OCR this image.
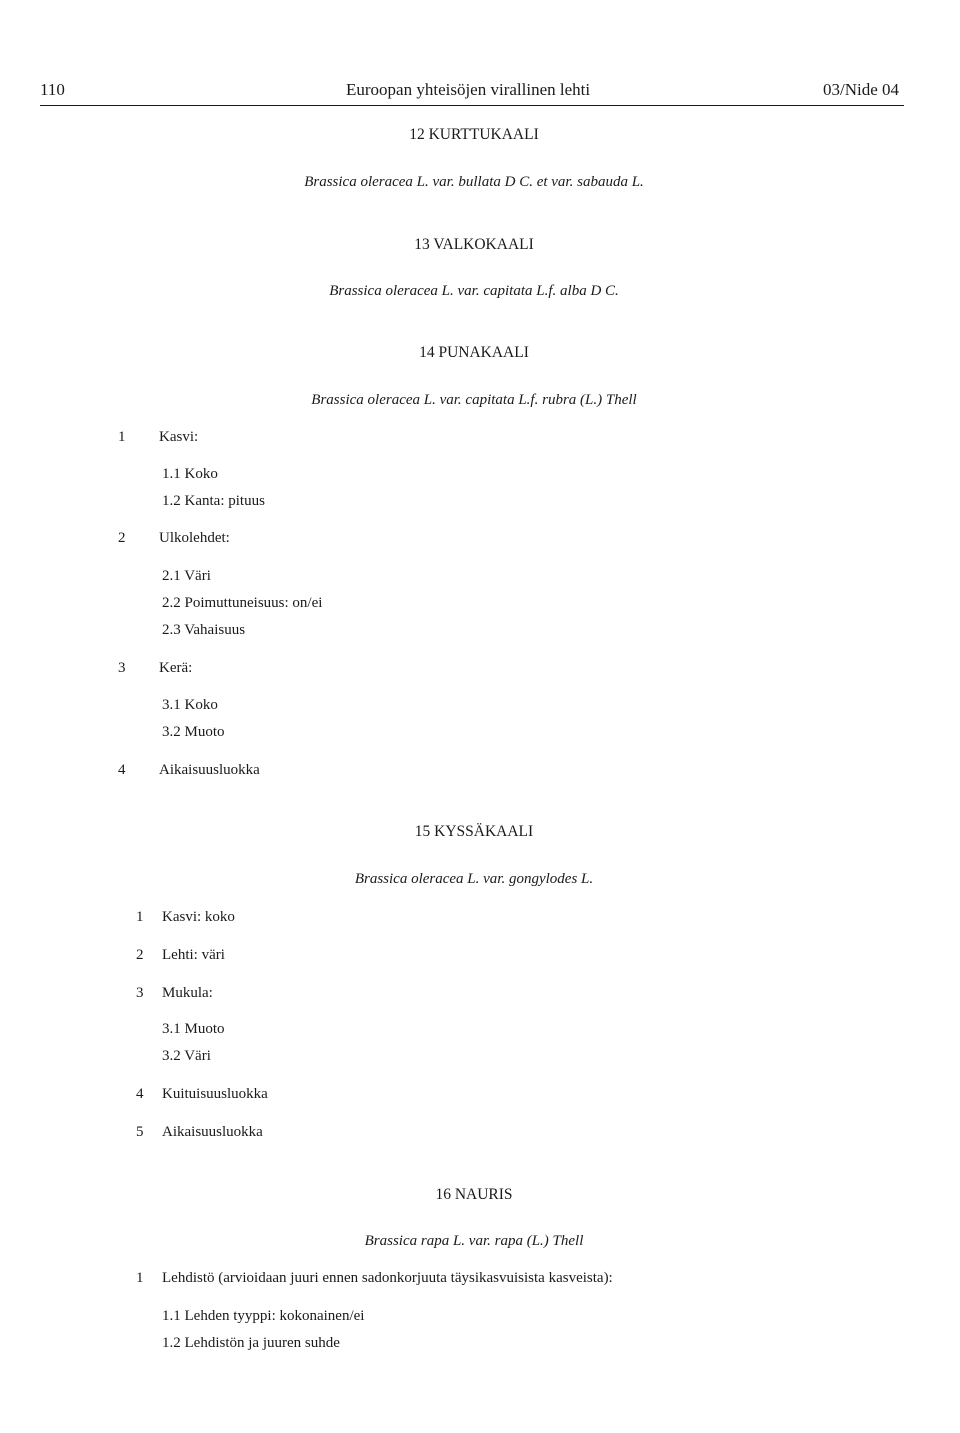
110	Euroopan yhteisöjen virallinen lehti	03/Nide 04
12 KURTTUKAALI
Brassica oleracea L. var. bullata D C. et var. sabauda L.
13 VALKOKAALI
Brassica oleracea L. var. capitata L.f. alba D C.
14 PUNAKAALI
Brassica oleracea L. var. capitata L.f. rubra (L.) Thell
1 Kasvi:
1.1 Koko
1.2 Kanta: pituus
2 Ulkolehdet:
2.1 Väri
2.2 Poimuttuneisuus: on/ei
2.3 Vahaisuus
3 Kerä:
3.1 Koko
3.2 Muoto
4 Aikaisuusluokka
15 KYSSÄKAALI
Brassica oleracea L. var. gongylodes L.
1 Kasvi: koko
2 Lehti: väri
3 Mukula:
3.1 Muoto
3.2 Väri
4 Kuituisuusluokka
5 Aikaisuusluokka
16 NAURIS
Brassica rapa L. var. rapa (L.) Thell
1 Lehdistö (arvioidaan juuri ennen sadonkorjuuta täysikasvuisista kasveista):
1.1 Lehden tyyppi: kokonainen/ei
1.2 Lehdistön ja juuren suhde
